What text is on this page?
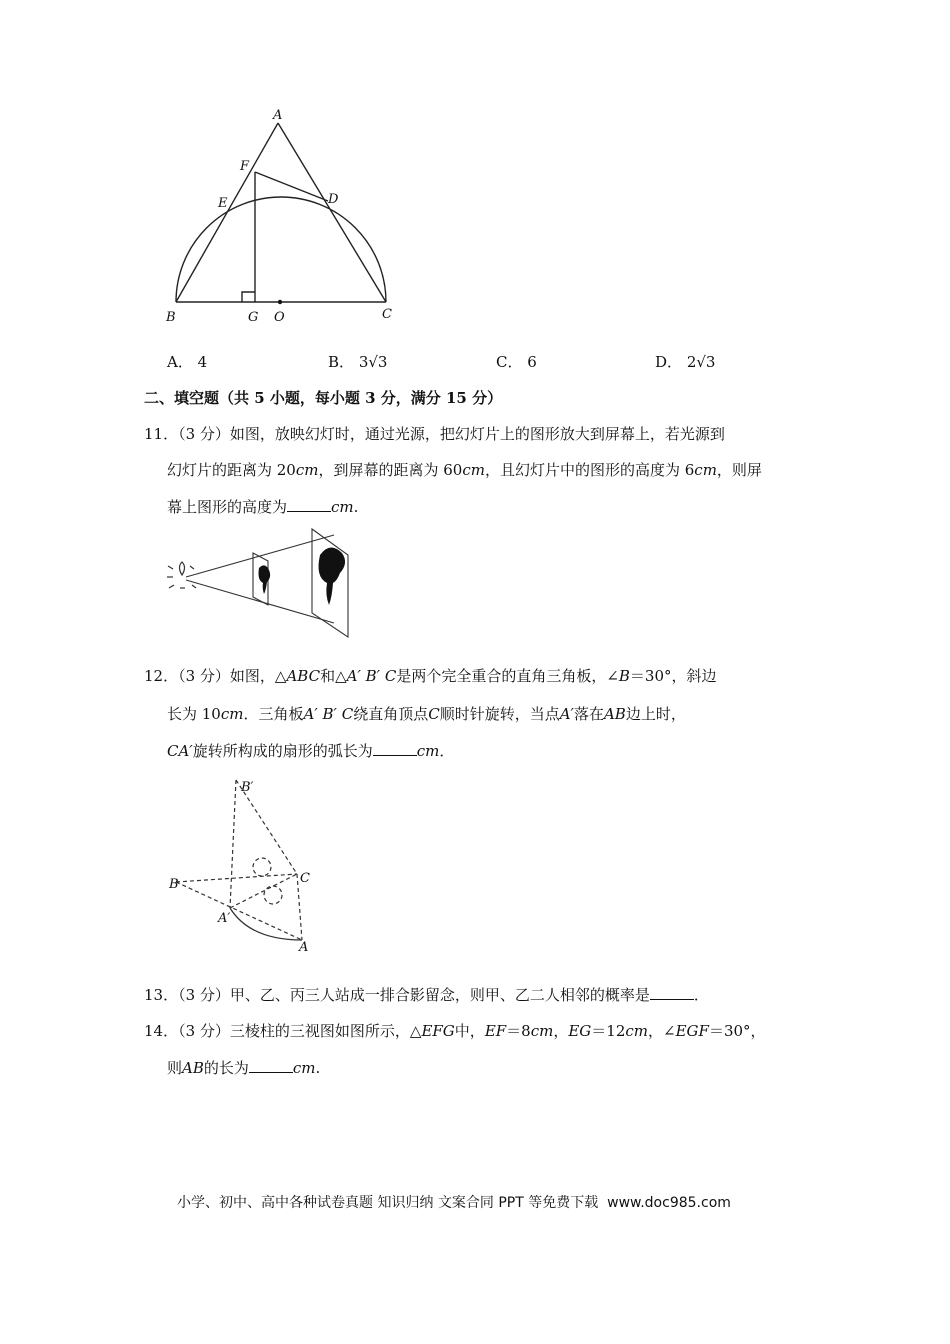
A
F
E	D
B	G O	C
A． 4	B． 3√3	C． 6	D． 2√3
二、填空题（共 5 小题，每小题 3 分，满分 15 分）
11．（3 分）如图，放映幻灯时，通过光源，把幻灯片上的图形放大到屏幕上，若光源到
幻灯片的距离为 20cm，到屏幕的距离为 60cm，且幻灯片中的图形的高度为 6cm，则屏
幕上图形的高度为	cm.
12．（3 分）如图，△ABC和△A′ B′ C是两个完全重合的直角三角板，∠B＝30°，斜边
长为 10cm．三角板A′ B′ C绕直角顶点C顺时针旋转，当点A′落在AB边上时，
CA′旋转所构成的扇形的弧长为	cm．
B′
B	C
A′
A
13．（3 分）甲、乙、丙三人站成一排合影留念，则甲、乙二人相邻的概率是	．
14．（3 分）三棱柱的三视图如图所示，△EFG中，EF＝8cm，EG＝12cm，∠EGF＝30°，
则AB的长为	cm.
小学、初中、高中各种试卷真题 知识归纳 文案合同 PPT 等免费下载 www.doc985.com
